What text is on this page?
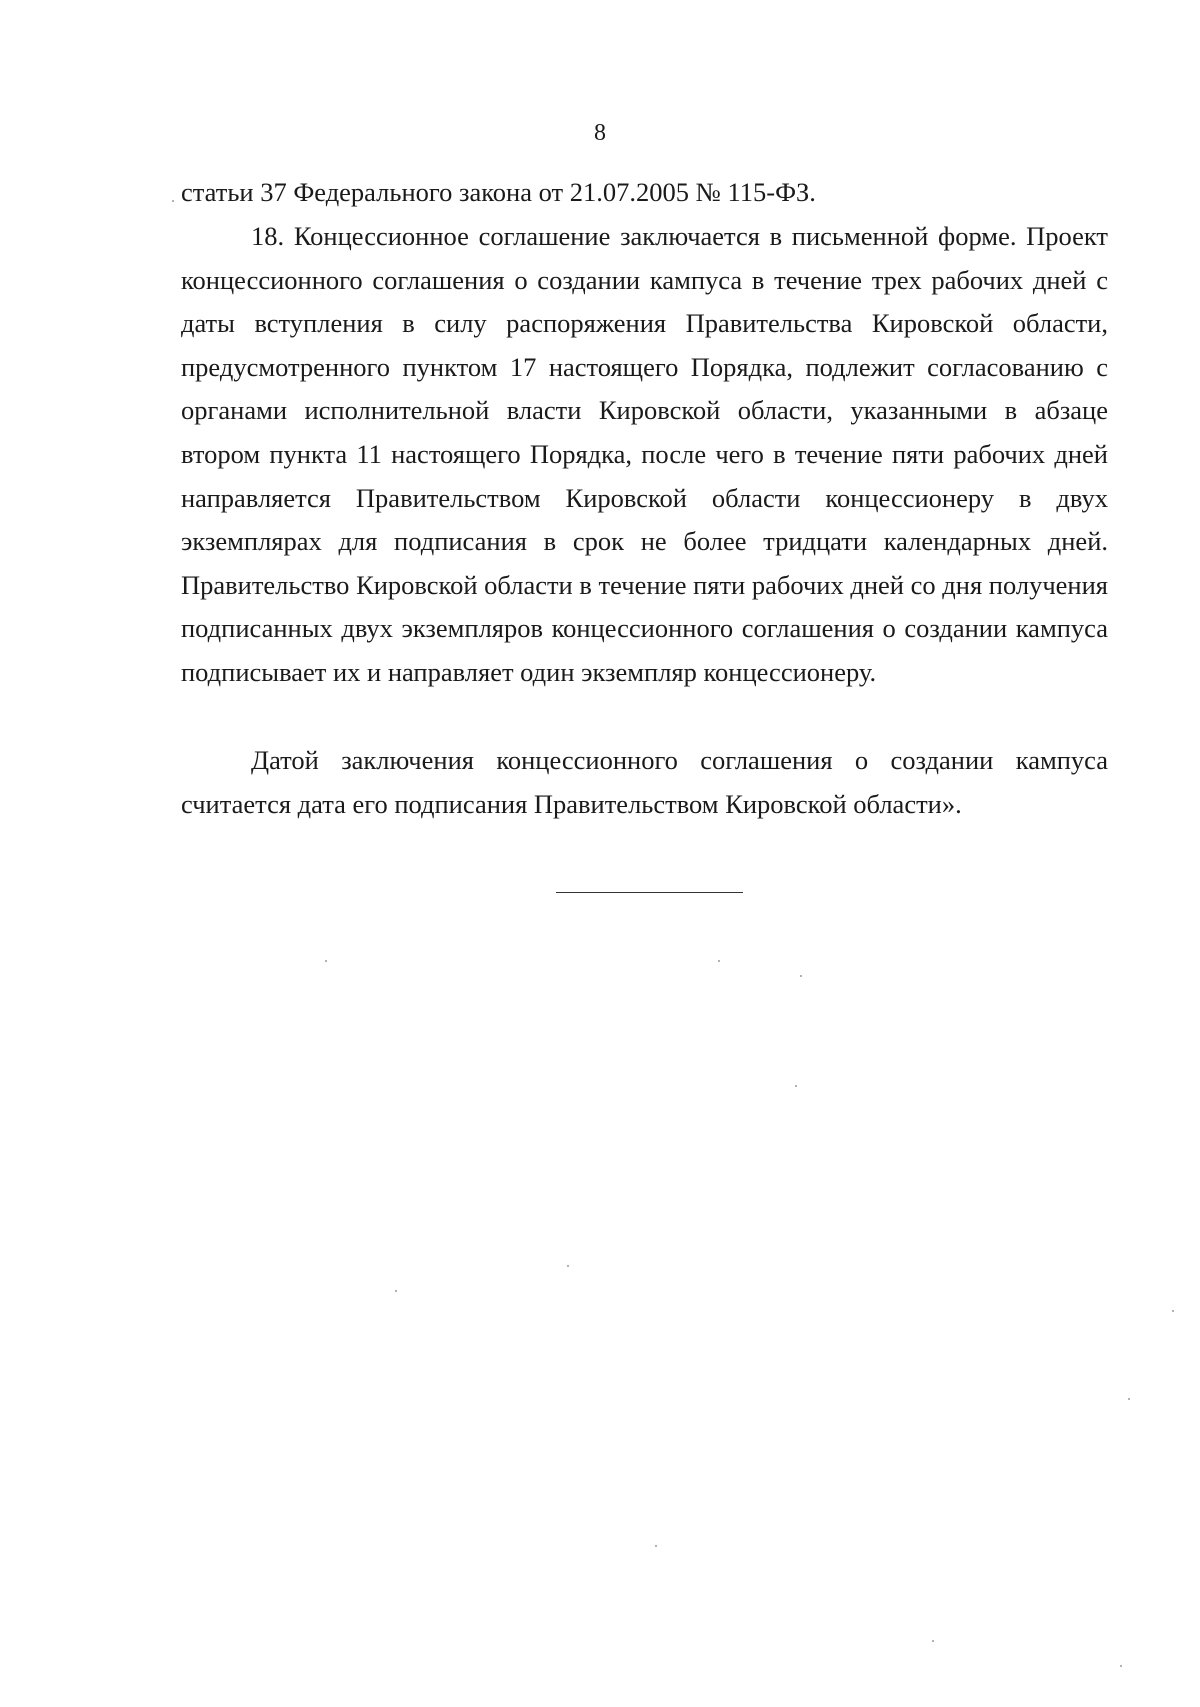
8

статьи 37 Федерального закона от 21.07.2005 № 115-ФЗ.

18. Концессионное соглашение заключается в письменной форме. Проект концессионного соглашения о создании кампуса в течение трех рабочих дней с даты вступления в силу распоряжения Правительства Кировской области, предусмотренного пунктом 17 настоящего Порядка, подлежит согласованию с органами исполнительной власти Кировской области, указанными в абзаце втором пункта 11 настоящего Порядка, после чего в течение пяти рабочих дней направляется Правительством Кировской области концессионеру в двух экземплярах для подписания в срок не более тридцати календарных дней. Правительство Кировской области в течение пяти рабочих дней со дня получения подписанных двух экземпляров концессионного соглашения о создании кампуса подписывает их и направляет один экземпляр концессионеру.

Датой заключения концессионного соглашения о создании кампуса считается дата его подписания Правительством Кировской области».
